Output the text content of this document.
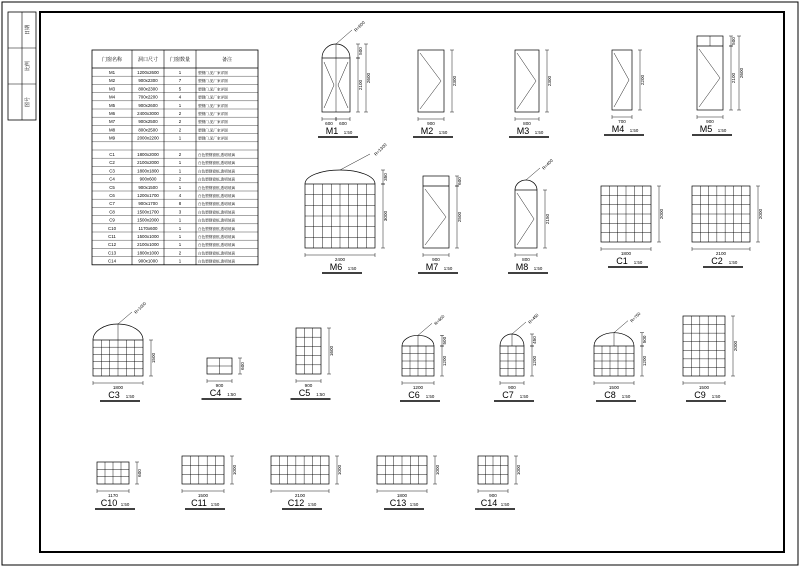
日期
比例
图号
门窗名称	洞口尺寸 门窗数量	备注
M1	1200x2600	1	塑钢门,见厂家详图
M2	900x2300	7	塑钢门,见厂家详图
M3	800x2300	5	塑钢门,见厂家详图
M4	700x2200	4	塑钢门,见厂家详图
M5	900x2600	1	塑钢门,见厂家详图
M6	2400x3000	2	塑钢门,见厂家详图
M7	900x2500	2	塑钢门,见厂家详图
M8	800x2500	2	塑钢门,见厂家详图
M9	2000x2200	1	塑钢门,见厂家详图
C1	1800x2000	2	白色塑钢窗框,透明玻璃
C2	2100x2000	1	白色塑钢窗框,透明玻璃
C3	1800x1800	1	白色塑钢窗框,透明玻璃
C4	900x600	2	白色塑钢窗框,透明玻璃
C5	900x1500	1	白色塑钢窗框,透明玻璃
C6	1200x1700	4	白色塑钢窗框,透明玻璃
C7	900x1700	8	白色塑钢窗框,透明玻璃
C8	1500x1700	3	白色塑钢窗框,透明玻璃
C9	1500x2000	1	白色塑钢窗框,透明玻璃
C10	1170x600	1	白色塑钢窗框,透明玻璃
C11	1500x1000	1	白色塑钢窗框,透明玻璃
C12	2100x1000	1	白色塑钢窗框,透明玻璃
C13	1800x1000	2	白色塑钢窗框,透明玻璃
C14	900x1000	1	白色塑钢窗框,透明玻璃
R=600
600 600
2100
500
2600
M1 1:50
900
2300
M2 1:50
800
2300
M3 1:50
700
2200
M4 1:50
900
2100
500
2600
M5 1:50
R=1300
2400
3000
350
M6 1:50
900
2500
600
M7 1:50
R=400
800
2150
M8 1:50
1800
2000
C1 1:50
2100
2000
C2 1:50
R=1000
1800
1500
C3 1:50
900
600
C4 1:50
900
1600
C5 1:50
R=600
1200
1200
500
C6 1:50
R=450
900
1200
450
C7 1:50
R=750
1500
1200
500
C8 1:50
1500
2000
C9 1:50
1170
600
C10 1:50
1500
1000
C11 1:50
2100
1000
C12 1:50
1800
1000
C13 1:50
900
1000
C14 1:50
